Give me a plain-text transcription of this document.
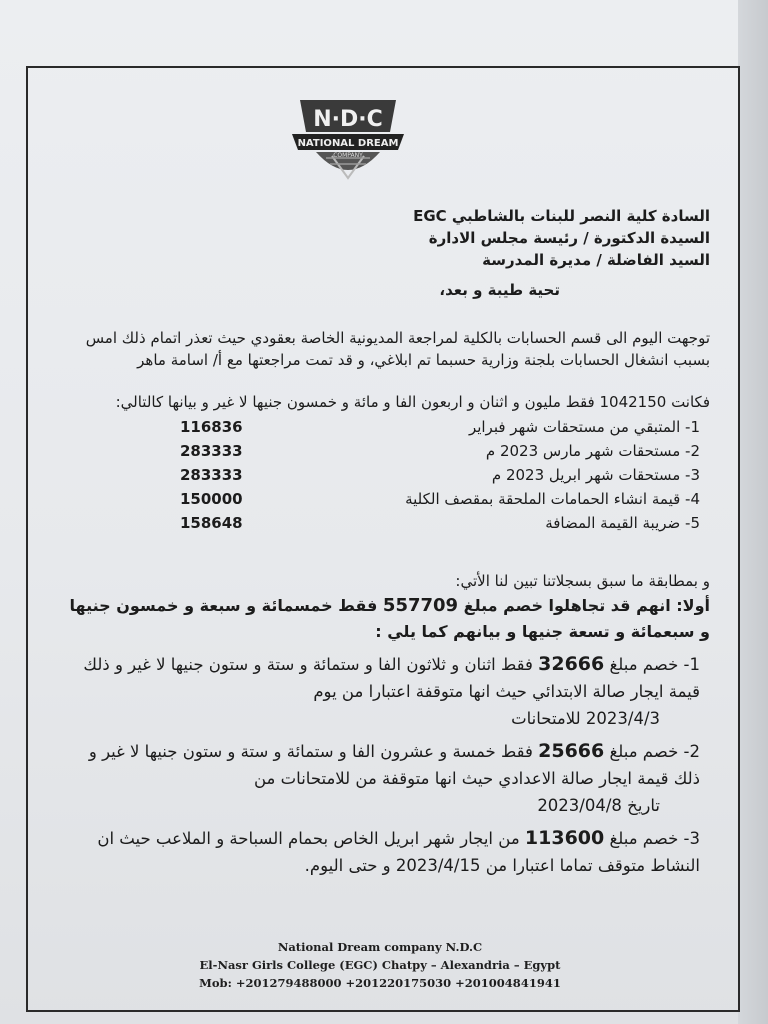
N·D·C
NATIONAL DREAM
COMPANY
السادة كلية النصر للبنات بالشاطبي EGC
السيدة الدكتورة / رئيسة مجلس الادارة
السيد الفاضلة / مديرة المدرسة
تحية طيبة و بعد،
توجهت اليوم الى قسم الحسابات بالكلية لمراجعة المديونية الخاصة بعقودي حيث تعذر اتمام ذلك امس بسبب انشغال الحسابات بلجنة وزارية حسبما تم ابلاغي، و قد تمت مراجعتها مع أ/ اسامة ماهر
فكانت 1042150 فقط مليون و اثنان و اربعون الفا و مائة و خمسون جنيها لا غير و بيانها كالتالي:
1- المتبقي من مستحقات شهر فبراير
116836
2- مستحقات شهر مارس 2023 م
283333
3- مستحقات شهر ابريل 2023 م
283333
4- قيمة انشاء الحمامات الملحقة بمقصف الكلية
150000
5- ضريبة القيمة المضافة
158648
و بمطابقة ما سبق بسجلاتنا تبين لنا الأتي:
أولا: انهم قد تجاهلوا خصم مبلغ 557709 فقط خمسمائة و سبعة و خمسون جنيها و سبعمائة و تسعة جنيها و بيانهم كما يلي :
1- خصم مبلغ 32666 فقط اثنان و ثلاثون الفا و ستمائة و ستة و ستون جنيها لا غير و ذلك قيمة ايجار صالة الابتدائي حيث انها متوقفة اعتبارا من يوم
2023/4/3 للامتحانات
2- خصم مبلغ 25666 فقط خمسة و عشرون الفا و ستمائة و ستة و ستون جنيها لا غير و ذلك قيمة ايجار صالة الاعدادي حيث انها متوقفة من للامتحانات من
تاريخ 2023/04/8
3- خصم مبلغ 113600 من ايجار شهر ابريل الخاص بحمام السباحة و الملاعب حيث ان النشاط متوقف تماما اعتبارا من 2023/4/15 و حتى اليوم.
National Dream company N.D.C
El-Nasr Girls College (EGC) Chatpy – Alexandria – Egypt
Mob: +201279488000 +201220175030 +201004841941
